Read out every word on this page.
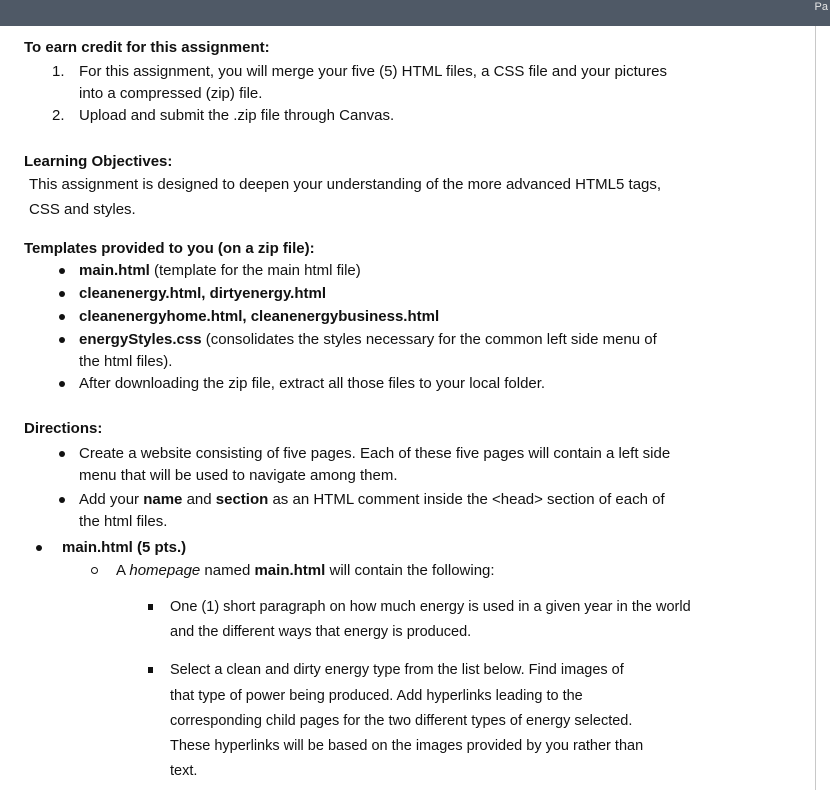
Pa
To earn credit for this assignment:
1. For this assignment, you will merge your five (5) HTML files, a CSS file and your pictures
into a compressed (zip) file.
2. Upload and submit the .zip file through Canvas.
Learning Objectives:
This assignment is designed to deepen your understanding of the more advanced HTML5 tags,
CSS and styles.
Templates provided to you (on a zip file):
main.html (template for the main html file)
cleanenergy.html, dirtyenergy.html
cleanenergyhome.html, cleanenergybusiness.html
energyStyles.css (consolidates the styles necessary for the common left side menu of
the html files).
After downloading the zip file, extract all those files to your local folder.
Directions:
Create a website consisting of five pages. Each of these five pages will contain a left side
menu that will be used to navigate among them.
Add your name and section as an HTML comment inside the <head> section of each of
the html files.
main.html (5 pts.)
A homepage named main.html will contain the following:
One (1) short paragraph on how much energy is used in a given year in the world
and the different ways that energy is produced.
Select a clean and dirty energy type from the list below. Find images of
that type of power being produced. Add hyperlinks leading to the
corresponding child pages for the two different types of energy selected.
These hyperlinks will be based on the images provided by you rather than
text.
